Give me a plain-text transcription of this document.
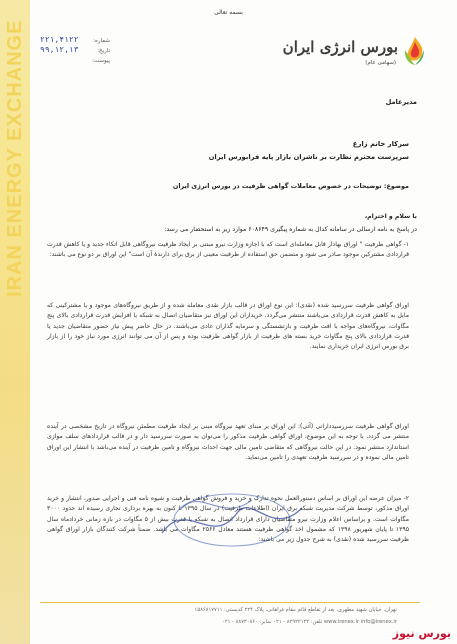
IRAN ENERGY EXCHANGE
بسمه تعالی
بورس انرژی ایران
(سهامی عام)
شماره:
۲۲۱,۴۱۲۲
تاریخ:
۹۹,۱۲,۱۳
پیوست:
مدیرعامل
سرکار خانم زارع
سرپرست محترم نظارت بر ناشران بازار پایه فرابورس ایران
موضوع: توضیحات در خصوص معاملات گواهی ظرفیت در بورس انرژی ایران
با سلام و احترام،
در پاسخ به نامه ارسالی در سامانه کدال به شماره پیگیری ۶۰۸۶۴۹ موارد زیر به استحضار می رسد:
۱- گواهی ظرفیت " اوراق بهادار قابل معامله‌ای است که با اجازه وزارت نیرو مبتنی بر ایجاد ظرفیت نیروگاهی قابل اتکاء جدید و یا کاهش قدرت قراردادی مشترکین موجود صادر می شود و متضمن حق استفاده از ظرفیت معینی از برق برای دارندهٔ آن است" این اوراق بر دو نوع می باشند:
اوراق گواهی ظرفیت سررسید شده (نقدی): این نوع اوراق در قالب بازار نقدی معامله شده و از طریق نیروگاه‌های موجود و یا مشترکینی که مایل به کاهش قدرت قراردادی می‌باشند منتشر می‌گردد. خریداران این اوراق نیز متقاضیان اتصال به شبکه یا افزایش قدرت قراردادی بالای پنج مگاوات، نیروگاه‌های مواجه با افت ظرفیت و بازتشستگی و سرمایه گذاران عادی می‌باشند. در حال حاضر پیش نیاز حضور متقاضیان جدید یا قدرت قراردادی بالای پنج مگاوات خرید بسته های ظرفیت از بازار گواهی ظرفیت بوده و پس از آن می توانند انرژی مورد نیاز خود را از بازار برق بورس انرژی ایران خریداری نمایند.
اوراق گواهی ظرفیت سررسیدداراتی (آتی): این اوراق بر مبنای تعهد نیروگاه مبنی بر ایجاد ظرفیت مطمئن نیروگاه در تاریخ مشخصی در آینده منتشر می گردد. با توجه به این موضوع، اوراق گواهی ظرفیت مذکور را می‌توان به صورت سررسید دار و در قالب قراردادهای سلف موازی استاندارد منتشر نمود. در این حالت نیروگاهی که متقاضی تامین مالی جهت احداث نیروگاه و تامین ظرفیت در آینده می‌باشد با انتشار این اوراق تامین مالی نموده و در سررسید ظرفیت تعهدی را تامین می‌نماید.
۲- میزان عرضه این اوراق بر اساس دستورالعمل نحوه تدارک و خرید و فروش گواهی ظرفیت و شیوه نامه فنی و اجرایی صدور، انتشار و خرید اوراق مذکور، توسط شرکت مدیریت شبکه برق ایران (اطلاعات ظرفیت) در سال ۱۳۹۵ تا کنون به بهره برداری تجاری رسیده اند حدود ۳۰۰۰ مگاوات است. و براساس اعلام وزارت نیرو متقاضیان دارای قرارداد اتصال به شبکه یا قدرت بیش از ۵ مگاوات در بازه زمانی خردادماه سال ۱۳۹۵ تا پایان شهریور ۱۳۹۸ که مشمول اخذ گواهی ظرفیت هستند معادل ۲۵۶۶ مگاوات می باشد. ضمناً شرکت کنندگان بازار اوراق گواهی ظرفیت سررسید شده (نقدی) به شرح جدول زیر می باشند:
تهران، خیابان شهید مطهری، بعد از تقاطع قائم مقام فراهانی، پلاک ۲۲۴ کدپستی: ۱۵۸۶۸۱۷۷۱۱
www.irenex.ir info@irenex.ir تلفن: ۸۲۹۲۲۱۲۲ - ۰۲۱ نمابر: ۸۸۷۳۰۸۶۰ - ۰۲۱
بورس نیوز
